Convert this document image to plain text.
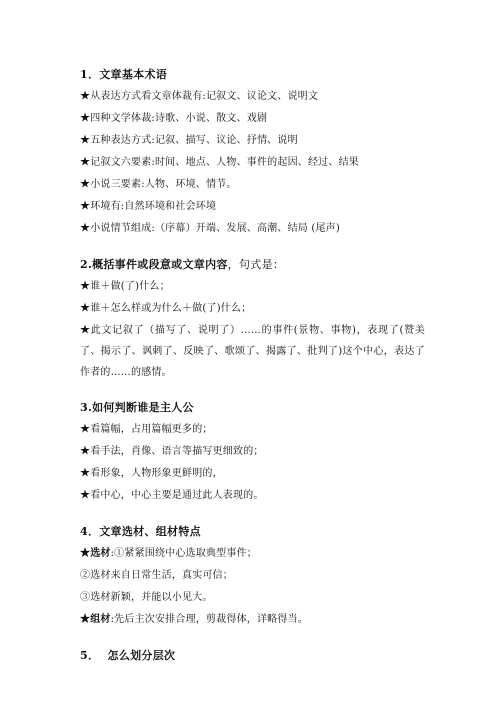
1．文章基本术语
★从表达方式看文章体裁有:记叙文、议论文、说明文
★四种文学体裁:诗歌、小说、散文、戏剧
★五种表达方式:记叙、描写、议论、抒情、说明
★记叙文六要素:时间、地点、人物、事件的起因、经过、结果
★小说三要素:人物、环境、情节。
★环境有:自然环境和社会环境
★小说情节组成:（序幕）开端、发展、高潮、结局 (尾声)
2.概括事件或段意或文章内容，句式是：
★谁＋做(了)什么；
★谁＋怎么样或为什么＋做(了)什么；
★此文记叙了（描写了、说明了）……的事件(景物、事物)，表现了(赞美了、揭示了、讽刺了、反映了、歌颂了、揭露了、批判了)这个中心，表达了作者的……的感情。
3.如何判断谁是主人公
★看篇幅，占用篇幅更多的；
★看手法，肖像、语言等描写更细致的；
★看形象，人物形象更鲜明的，
★看中心，中心主要是通过此人表现的。
4．文章选材、组材特点
★选材:①紧紧围绕中心选取典型事件；
②选材来自日常生活，真实可信；
③选材新颖，并能以小见大。
★组材:先后主次安排合理，剪裁得体，详略得当。
5．  怎么划分层次
